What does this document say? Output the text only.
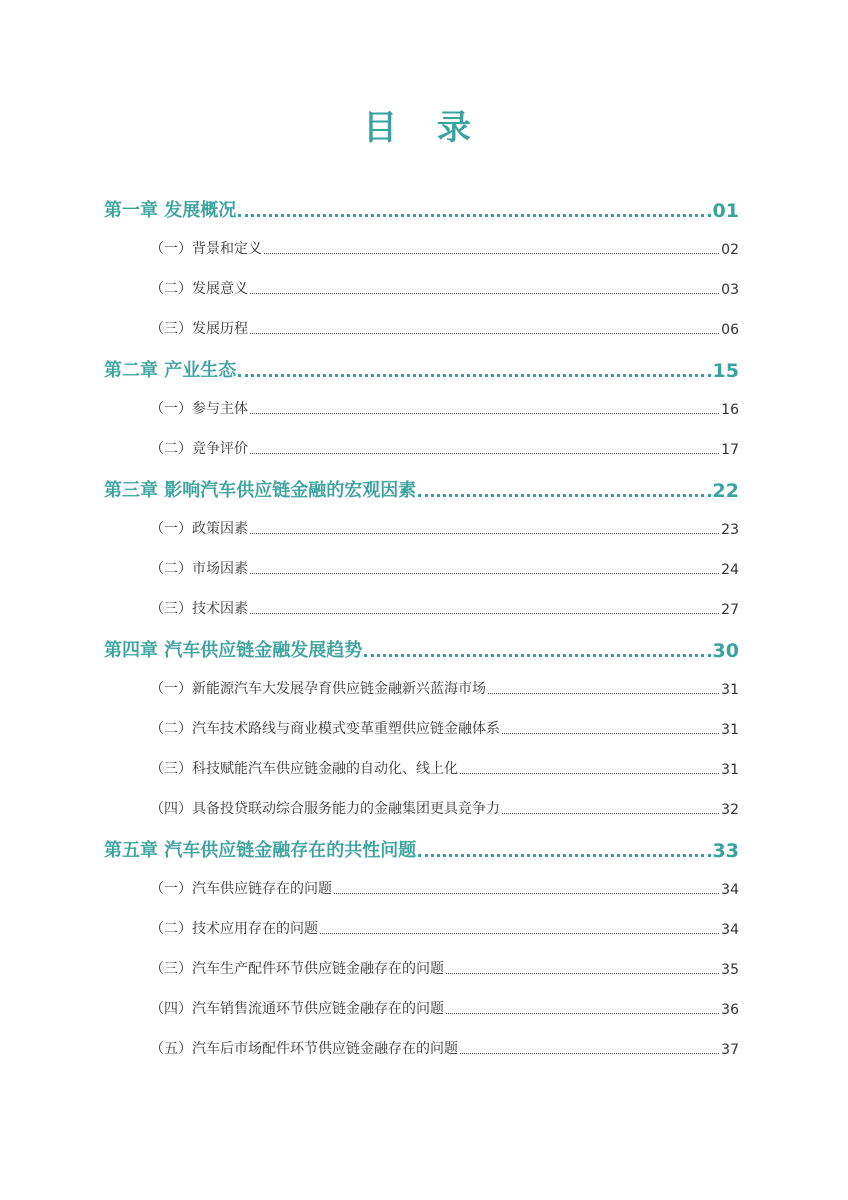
目 录
第一章 发展概况	01
（一）背景和定义	02
（二）发展意义	03
（三）发展历程	06
第二章 产业生态	15
（一）参与主体	16
（二）竞争评价	17
第三章 影响汽车供应链金融的宏观因素	22
（一）政策因素	23
（二）市场因素	24
（三）技术因素	27
第四章 汽车供应链金融发展趋势	30
（一）新能源汽车大发展孕育供应链金融新兴蓝海市场	31
（二）汽车技术路线与商业模式变革重塑供应链金融体系	31
（三）科技赋能汽车供应链金融的自动化、线上化	31
（四）具备投贷联动综合服务能力的金融集团更具竞争力	32
第五章 汽车供应链金融存在的共性问题	33
（一）汽车供应链存在的问题	34
（二）技术应用存在的问题	34
（三）汽车生产配件环节供应链金融存在的问题	35
（四）汽车销售流通环节供应链金融存在的问题	36
（五）汽车后市场配件环节供应链金融存在的问题	37
